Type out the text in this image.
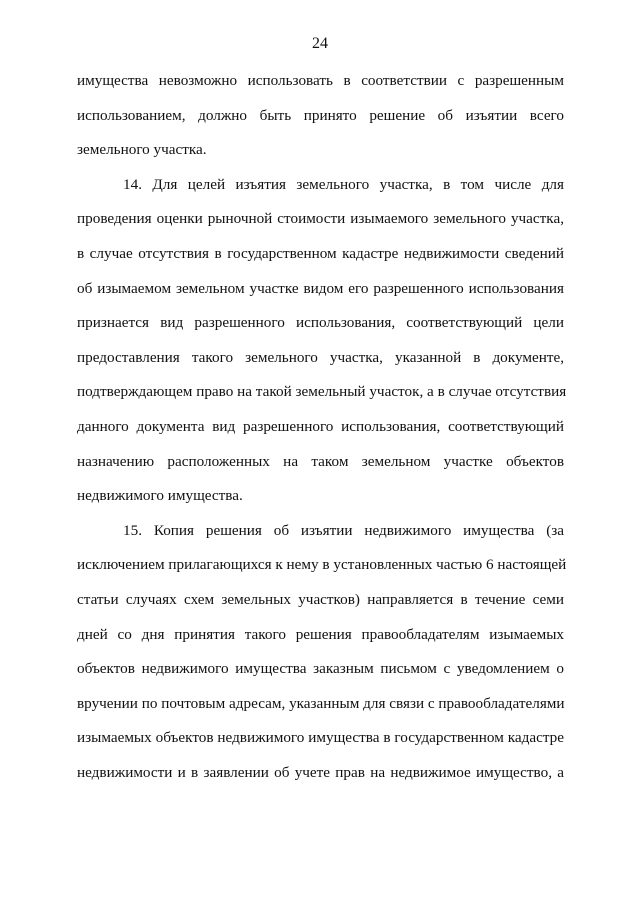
24
имущества невозможно использовать в соответствии с разрешенным
использованием, должно быть принято решение об изъятии всего
земельного участка.
14. Для целей изъятия земельного участка, в том числе для
проведения оценки рыночной стоимости изымаемого земельного участка,
в случае отсутствия в государственном кадастре недвижимости сведений
об изымаемом земельном участке видом его разрешенного использования
признается вид разрешенного использования, соответствующий цели
предоставления такого земельного участка, указанной в документе,
подтверждающем право на такой земельный участок, а в случае отсутствия
данного документа вид разрешенного использования, соответствующий
назначению расположенных на таком земельном участке объектов
недвижимого имущества.
15. Копия решения об изъятии недвижимого имущества (за
исключением прилагающихся к нему в установленных частью 6 настоящей
статьи случаях схем земельных участков) направляется в течение семи
дней со дня принятия такого решения правообладателям изымаемых
объектов недвижимого имущества заказным письмом с уведомлением о
вручении по почтовым адресам, указанным для связи с правообладателями
изымаемых объектов недвижимого имущества в государственном кадастре
недвижимости и в заявлении об учете прав на недвижимое имущество, а
